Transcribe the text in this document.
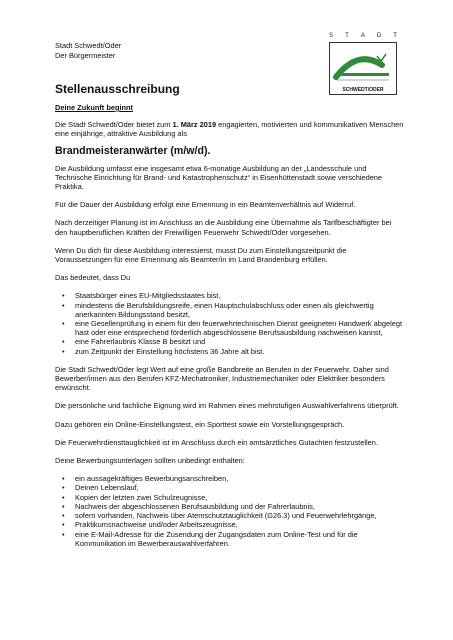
Stadt Schwedt/Oder
Der Bürgermeister
S T A D T
SCHWEDT/ODER
Stellenausschreibung
Deine Zukunft beginnt

Die Stadt Schwedt/Oder bietet zum 1. März 2019 engagierten, motivierten und kommunikativen Menschen eine einjährige, attraktive Ausbildung als

Brandmeisteranwärter (m/w/d).

Die Ausbildung umfasst eine insgesamt etwa 6-monatige Ausbildung an der „Landesschule und Technische Einrichtung für Brand- und Katastrophenschutz“ in Eisenhüttenstadt sowie verschiedene Praktika.

Für die Dauer der Ausbildung erfolgt eine Ernennung in ein Beamtenverhältnis auf Widerruf.

Nach derzeitiger Planung ist im Anschluss an die Ausbildung eine Übernahme als Tarifbeschäftigter bei den hauptberuflichen Kräften der Freiwilligen Feuerwehr Schwedt/Oder vorgesehen.

Wenn Du dich für diese Ausbildung interessierst, musst Du zum Einstellungszeitpunkt die Voraussetzungen für eine Ernennung als Beamter/in im Land Brandenburg erfüllen.

Das bedeutet, dass Du

• Staatsbürger eines EU-Mitgliedsstaates bist,
• mindestens die Berufsbildungsreife, einen Hauptschulabschluss oder einen als gleichwertig anerkannten Bildungsstand besitzt,
• eine Gesellenprüfung in einem für den feuerwehrtechnischen Dienst geeigneten Handwerk abgelegt hast oder eine entsprechend förderlich abgeschlossene Berufsausbildung nachweisen kannst,
• eine Fahrerlaubnis Klasse B besitzt und
• zum Zeitpunkt der Einstellung höchstens 36 Jahre alt bist.

Die Stadt Schwedt/Oder legt Wert auf eine große Bandbreite an Berufen in der Feuerwehr. Daher sind Bewerber/innen aus den Berufen KFZ-Mechatroniker, Industriemechaniker oder Elektriker besonders erwünscht.

Die persönliche und fachliche Eignung wird im Rahmen eines mehrstufigen Auswahlverfahrens überprüft.

Dazu gehören ein Online-Einstellungstest, ein Sporttest sowie ein Vorstellungsgespräch.

Die Feuerwehrdiensttauglichkeit ist im Anschluss durch ein amtsärztliches Gutachten festzustellen.

Deine Bewerbungsunterlagen sollten unbedingt enthalten:

• ein aussagekräftiges Bewerbungsanschreiben,
• Deinen Lebenslauf,
• Kopien der letzten zwei Schulzeugnisse,
• Nachweis der abgeschlossenen Berufsausbildung und der Fahrerlaubnis,
• sofern vorhanden, Nachweis über Atemschutztauglichkeit (G26.3) und Feuerwehrlehrgänge,
• Praktikumsnachweise und/oder Arbeitszeugnisse,
• eine E-Mail-Adresse für die Zusendung der Zugangsdaten zum Online-Test und für die Kommunikation im Bewerberauswahlverfahren.
